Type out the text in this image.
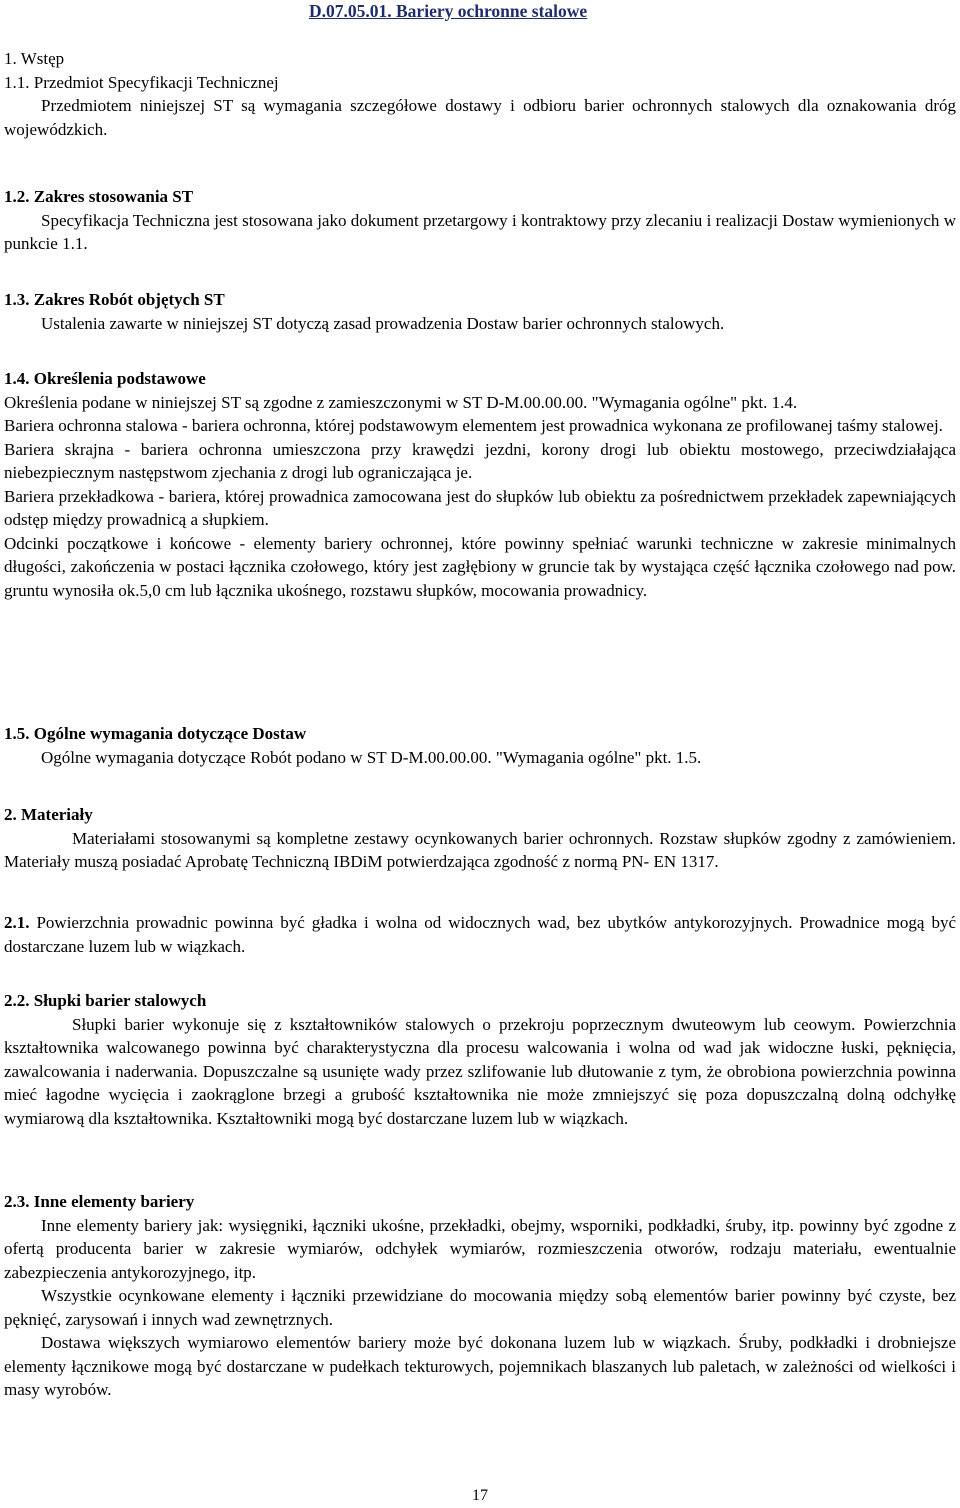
D.07.05.01. Bariery ochronne stalowe

1. Wstęp

1.1. Przedmiot Specyfikacji Technicznej

Przedmiotem niniejszej ST są wymagania szczegółowe dostawy i odbioru barier ochronnych stalowych dla oznakowania dróg wojewódzkich.

1.2. Zakres stosowania ST

Specyfikacja Techniczna jest stosowana jako dokument przetargowy i kontraktowy przy zlecaniu i realizacji Dostaw wymienionych w punkcie 1.1.

1.3. Zakres Robót objętych ST

Ustalenia zawarte w niniejszej ST dotyczą zasad prowadzenia Dostaw barier ochronnych stalowych.

1.4. Określenia podstawowe

Określenia podane w niniejszej ST są zgodne z zamieszczonymi w ST D-M.00.00.00. "Wymagania ogólne" pkt. 1.4.

Bariera ochronna stalowa - bariera ochronna, której podstawowym elementem jest prowadnica wykonana ze profilowanej taśmy stalowej.

Bariera skrajna - bariera ochronna umieszczona przy krawędzi jezdni, korony drogi lub obiektu mostowego, przeciwdziałająca niebezpiecznym następstwom zjechania z drogi lub ograniczająca je.

Bariera przekładkowa - bariera, której prowadnica zamocowana jest do słupków lub obiektu za pośrednictwem przekładek zapewniających odstęp między prowadnicą a słupkiem.

Odcinki początkowe i końcowe - elementy bariery ochronnej, które powinny spełniać warunki techniczne w zakresie minimalnych długości, zakończenia w postaci łącznika czołowego, który jest zagłębiony w gruncie tak by wystająca część łącznika czołowego nad pow. gruntu wynosiła ok.5,0 cm lub łącznika ukośnego, rozstawu słupków, mocowania prowadnicy.

1.5. Ogólne wymagania dotyczące Dostaw

Ogólne wymagania dotyczące Robót podano w ST D-M.00.00.00. "Wymagania ogólne" pkt. 1.5.

2. Materiały

Materiałami stosowanymi są kompletne zestawy ocynkowanych barier ochronnych. Rozstaw słupków zgodny z zamówieniem. Materiały muszą posiadać Aprobatę Techniczną IBDiM potwierdzająca zgodność z normą PN- EN 1317.

2.1. Powierzchnia prowadnic powinna być gładka i wolna od widocznych wad, bez ubytków antykorozyjnych. Prowadnice mogą być dostarczane luzem lub w wiązkach.

2.2. Słupki barier stalowych

Słupki barier wykonuje się z kształtowników stalowych o przekroju poprzecznym dwuteowym lub ceowym. Powierzchnia kształtownika walcowanego powinna być charakterystyczna dla procesu walcowania i wolna od wad jak widoczne łuski, pęknięcia, zawalcowania i naderwania. Dopuszczalne są usunięte wady przez szlifowanie lub dłutowanie z tym, że obrobiona powierzchnia powinna mieć łagodne wycięcia i zaokrąglone brzegi a grubość kształtownika nie może zmniejszyć się poza dopuszczalną dolną odchyłkę wymiarową dla kształtownika. Kształtowniki mogą być dostarczane luzem lub w wiązkach.

2.3. Inne elementy bariery

Inne elementy bariery jak: wysięgniki, łączniki ukośne, przekładki, obejmy, wsporniki, podkładki, śruby, itp. powinny być zgodne z ofertą producenta barier w zakresie wymiarów, odchyłek wymiarów, rozmieszczenia otworów, rodzaju materiału, ewentualnie zabezpieczenia antykorozyjnego, itp.

Wszystkie ocynkowane elementy i łączniki przewidziane do mocowania między sobą elementów barier powinny być czyste, bez pęknięć, zarysowań i innych wad zewnętrznych.

Dostawa większych wymiarowo elementów bariery może być dokonana luzem lub w wiązkach. Śruby, podkładki i drobniejsze elementy łącznikowe mogą być dostarczane w pudełkach tekturowych, pojemnikach blaszanych lub paletach, w zależności od wielkości i masy wyrobów.

17
